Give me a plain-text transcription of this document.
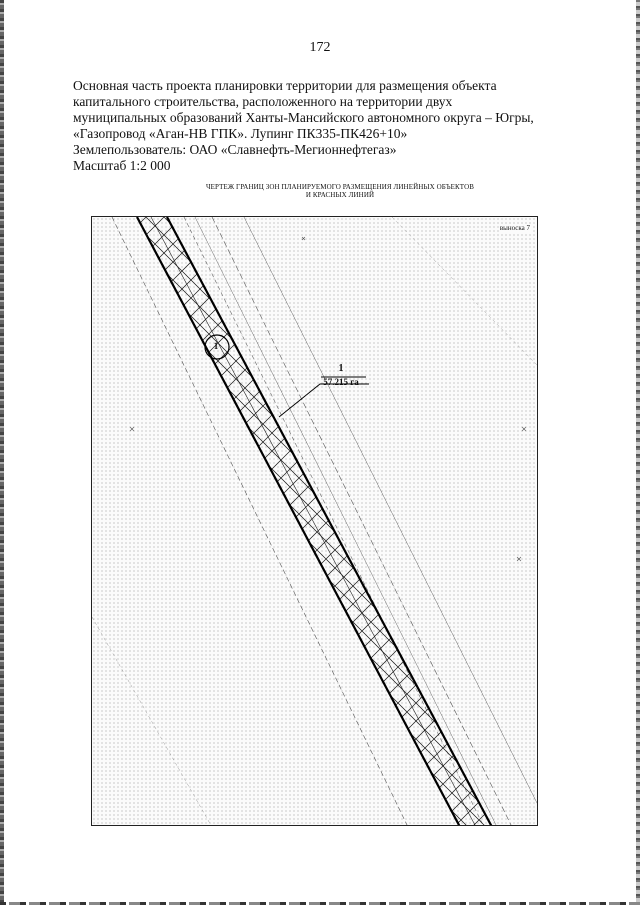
172
Основная часть проекта планировки территории для размещения объекта
капитального строительства, расположенного на территории двух
муниципальных образований Ханты-Мансийского автономного округа – Югры,
«Газопровод «Аган-НВ ГПК». Лупинг ПК335-ПК426+10»
Землепользователь: ОАО «Славнефть-Мегионнефтегаз»
Масштаб 1:2 000
ЧЕРТЕЖ ГРАНИЦ ЗОН ПЛАНИРУЕМОГО РАЗМЕЩЕНИЯ ЛИНЕЙНЫХ ОБЪЕКТОВ
И КРАСНЫХ ЛИНИЙ
выноска 7
1
1
57.215 га
